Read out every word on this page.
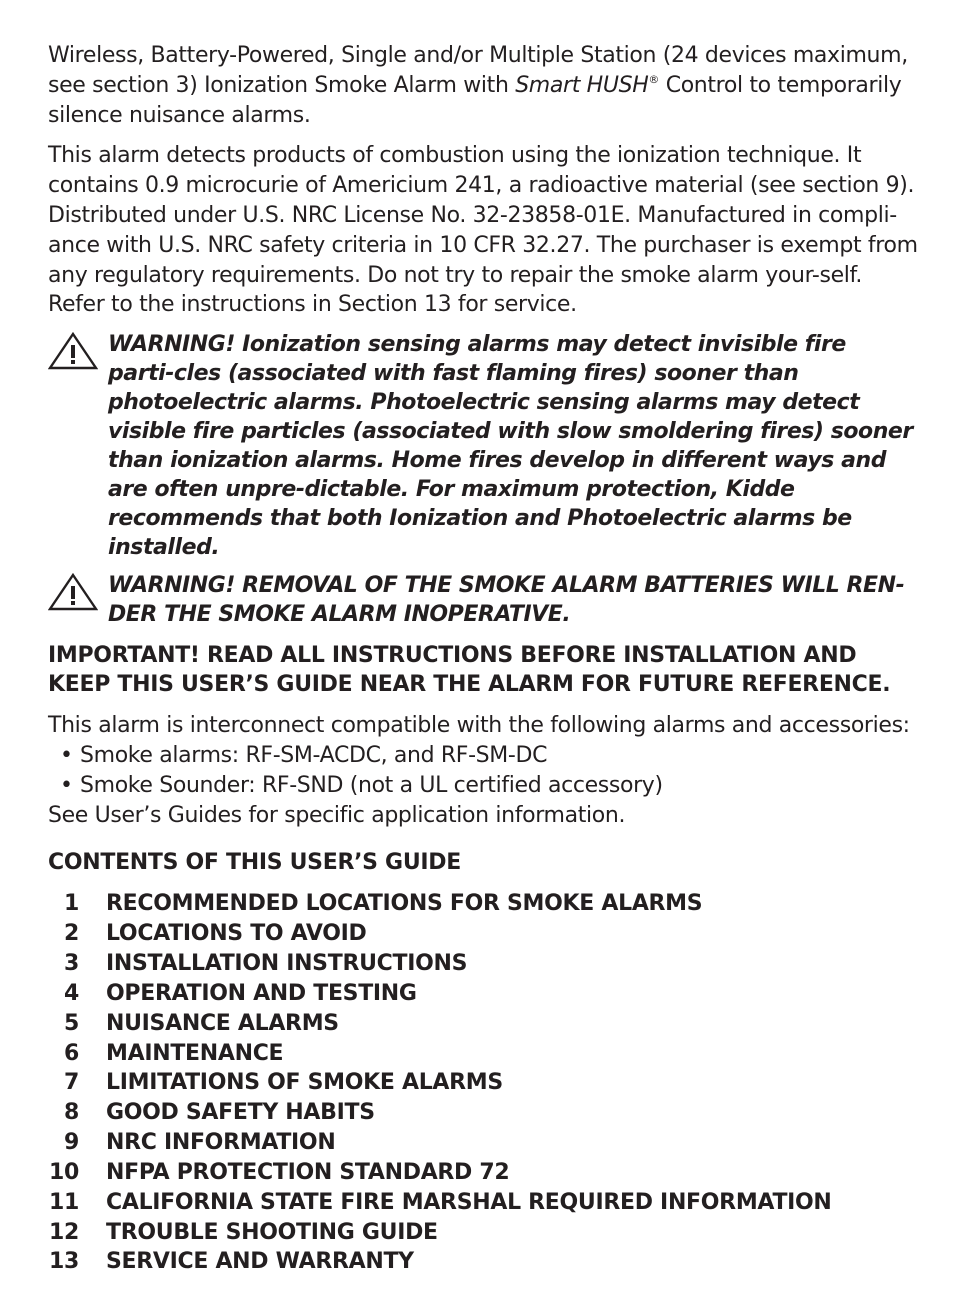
Wireless, Battery-Powered, Single and/or Multiple Station (24 devices maximum, see section 3) Ionization Smoke Alarm with Smart HUSH® Control to temporarily silence nuisance alarms.

This alarm detects products of combustion using the ionization technique. It contains 0.9 microcurie of Americium 241, a radioactive material (see section 9). Distributed under U.S. NRC License No. 32-23858-01E. Manufactured in compli-ance with U.S. NRC safety criteria in 10 CFR 32.27. The purchaser is exempt from any regulatory requirements. Do not try to repair the smoke alarm your-self. Refer to the instructions in Section 13 for service.

WARNING! Ionization sensing alarms may detect invisible fire parti-cles (associated with fast flaming fires) sooner than photoelectric alarms. Photoelectric sensing alarms may detect visible fire particles (associated with slow smoldering fires) sooner than ionization alarms. Home fires develop in different ways and are often unpre-dictable. For maximum protection, Kidde recommends that both Ionization and Photoelectric alarms be installed.
WARNING! REMOVAL OF THE SMOKE ALARM BATTERIES WILL REN-DER THE SMOKE ALARM INOPERATIVE.
IMPORTANT! READ ALL INSTRUCTIONS BEFORE INSTALLATION AND KEEP THIS USER’S GUIDE NEAR THE ALARM FOR FUTURE REFERENCE.

This alarm is interconnect compatible with the following alarms and accessories:

• Smoke alarms: RF-SM-ACDC, and RF-SM-DC
• Smoke Sounder: RF-SND (not a UL certified accessory)

See User’s Guides for specific application information.

CONTENTS OF THIS USER’S GUIDE
1 RECOMMENDED LOCATIONS FOR SMOKE ALARMS
2 LOCATIONS TO AVOID
3 INSTALLATION INSTRUCTIONS
4 OPERATION AND TESTING
5 NUISANCE ALARMS
6 MAINTENANCE
7 LIMITATIONS OF SMOKE ALARMS
8 GOOD SAFETY HABITS
9 NRC INFORMATION
10 NFPA PROTECTION STANDARD 72
11 CALIFORNIA STATE FIRE MARSHAL REQUIRED INFORMATION
12 TROUBLE SHOOTING GUIDE
13 SERVICE AND WARRANTY
